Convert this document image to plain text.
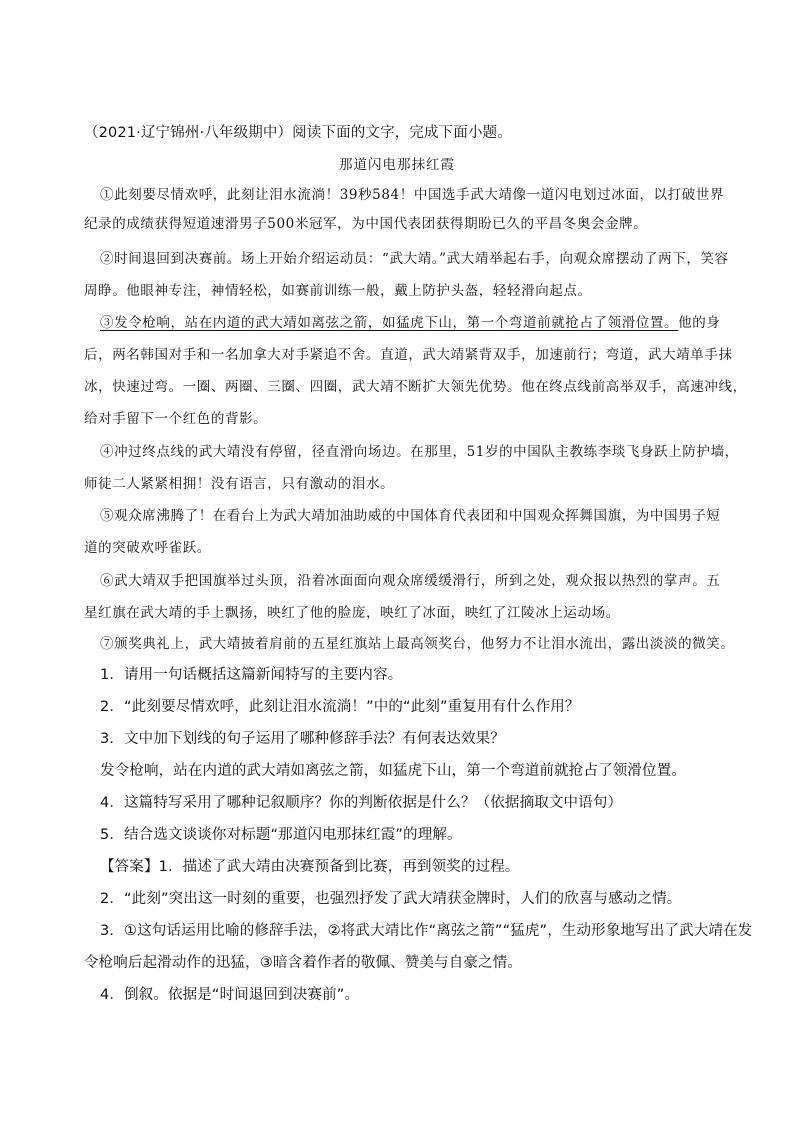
（2021·辽宁锦州·八年级期中）阅读下面的文字，完成下面小题。
那道闪电那抹红霞
①此刻要尽情欢呼，此刻让泪水流淌！39秒584！中国选手武大靖像一道闪电划过冰面，以打破世界
纪录的成绩获得短道速滑男子500米冠军，为中国代表团获得期盼已久的平昌冬奥会金牌。
②时间退回到决赛前。场上开始介绍运动员：“武大靖。”武大靖举起右手，向观众席摆动了两下，笑容
周睁。他眼神专注，神情轻松，如赛前训练一般，戴上防护头盔，轻轻滑向起点。
③发令枪响，站在内道的武大靖如离弦之箭，如猛虎下山，第一个弯道前就抢占了领滑位置。他的身
后，两名韩国对手和一名加拿大对手紧追不舍。直道，武大靖紧背双手，加速前行；弯道，武大靖单手抹
冰，快速过弯。一圈、两圈、三圈、四圈，武大靖不断扩大领先优势。他在终点线前高举双手，高速冲线，
给对手留下一个红色的背影。
④冲过终点线的武大靖没有停留，径直滑向场边。在那里，51岁的中国队主教练李琰飞身跃上防护墙，
师徒二人紧紧相拥！没有语言，只有激动的泪水。
⑤观众席沸腾了！在看台上为武大靖加油助威的中国体育代表团和中国观众挥舞国旗，为中国男子短
道的突破欢呼雀跃。
⑥武大靖双手把国旗举过头顶，沿着冰面面向观众席缓缓滑行，所到之处，观众报以热烈的掌声。五
星红旗在武大靖的手上飘扬，映红了他的脸庞，映红了冰面，映红了江陵冰上运动场。
⑦颁奖典礼上，武大靖披着肩前的五星红旗站上最高领奖台，他努力不让泪水流出，露出淡淡的微笑。
1．请用一句话概括这篇新闻特写的主要内容。
2．“此刻要尽情欢呼，此刻让泪水流淌！”中的“此刻”重复用有什么作用？
3．文中加下划线的句子运用了哪种修辞手法？有何表达效果？
发令枪响，站在内道的武大靖如离弦之箭，如猛虎下山，第一个弯道前就抢占了领滑位置。
4．这篇特写采用了哪种记叙顺序？你的判断依据是什么？（依据摘取文中语句）
5．结合选文谈谈你对标题“那道闪电那抹红霞”的理解。
【答案】1．描述了武大靖由决赛预备到比赛，再到领奖的过程。
2．“此刻”突出这一时刻的重要，也强烈抒发了武大靖获金牌时，人们的欣喜与感动之情。
3．①这句话运用比喻的修辞手法，②将武大靖比作“离弦之箭”“猛虎”，生动形象地写出了武大靖在发
令枪响后起滑动作的迅猛，③暗含着作者的敬佩、赞美与自豪之情。
4．倒叙。依据是“时间退回到决赛前”。
